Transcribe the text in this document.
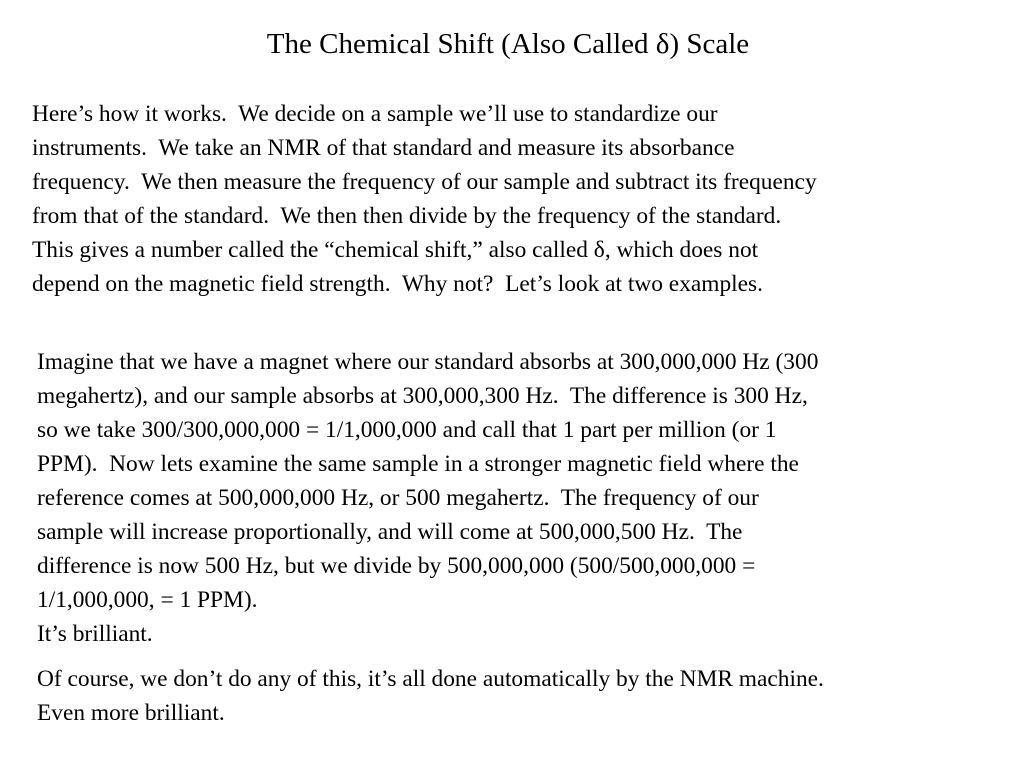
The Chemical Shift (Also Called δ) Scale

Here’s how it works.  We decide on a sample we’ll use to standardize our
instruments.  We take an NMR of that standard and measure its absorbance
frequency.  We then measure the frequency of our sample and subtract its frequency
from that of the standard.  We then then divide by the frequency of the standard.
This gives a number called the “chemical shift,” also called δ, which does not
depend on the magnetic field strength.  Why not?  Let’s look at two examples.

Imagine that we have a magnet where our standard absorbs at 300,000,000 Hz (300
megahertz), and our sample absorbs at 300,000,300 Hz.  The difference is 300 Hz,
so we take 300/300,000,000 = 1/1,000,000 and call that 1 part per million (or 1
PPM).  Now lets examine the same sample in a stronger magnetic field where the
reference comes at 500,000,000 Hz, or 500 megahertz.  The frequency of our
sample will increase proportionally, and will come at 500,000,500 Hz.  The
difference is now 500 Hz, but we divide by 500,000,000 (500/500,000,000 =
1/1,000,000, = 1 PPM).
It’s brilliant.

Of course, we don’t do any of this, it’s all done automatically by the NMR machine.
Even more brilliant.
